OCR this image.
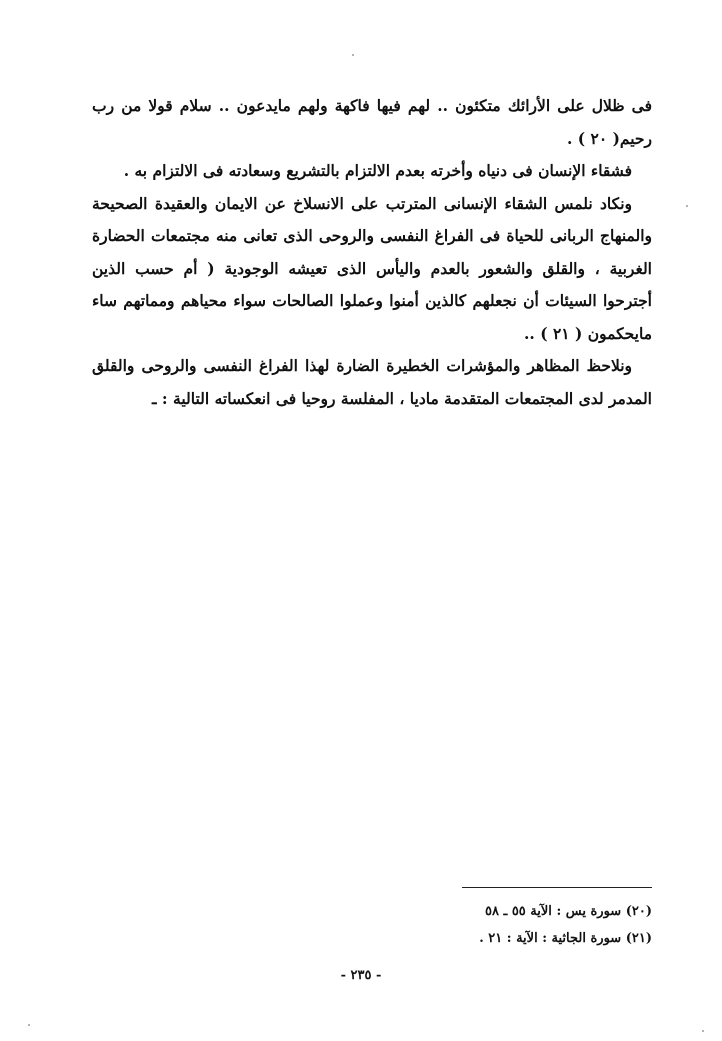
فى ظلال على الأرائك متكئون .. لهم فيها فاكهة ولهم مايدعون .. سلام قولا من رب رحيم( ٢٠ ) .

فشقاء الإنسان فى دنياه وأخرته بعدم الالتزام بالتشريع وسعادته فى الالتزام به .

ونكاد نلمس الشقاء الإنسانى المترتب على الانسلاخ عن الايمان والعقيدة الصحيحة والمنهاج الربانى للحياة فى الفراغ النفسى والروحى الذى تعانى منه مجتمعات الحضارة الغربية ، والقلق والشعور بالعدم واليأس الذى تعيشه الوجودية ( أم حسب الذين أجترحوا السيئات أن نجعلهم كالذين أمنوا وعملوا الصالحات سواء محياهم ومماتهم ساء مايحكمون ( ٢١ ) ..

ونلاحظ المظاهر والمؤشرات الخطيرة الضارة لهذا الفراغ النفسى والروحى والقلق المدمر لدى المجتمعات المتقدمة ماديا ، المفلسة روحيا فى انعكساته التالية : ـ

(٢٠) سورة يس : الآية ٥٥ ـ ٥٨

(٢١) سورة الجاثية : الآية : ٢١ .

- ٢٣٥ -
